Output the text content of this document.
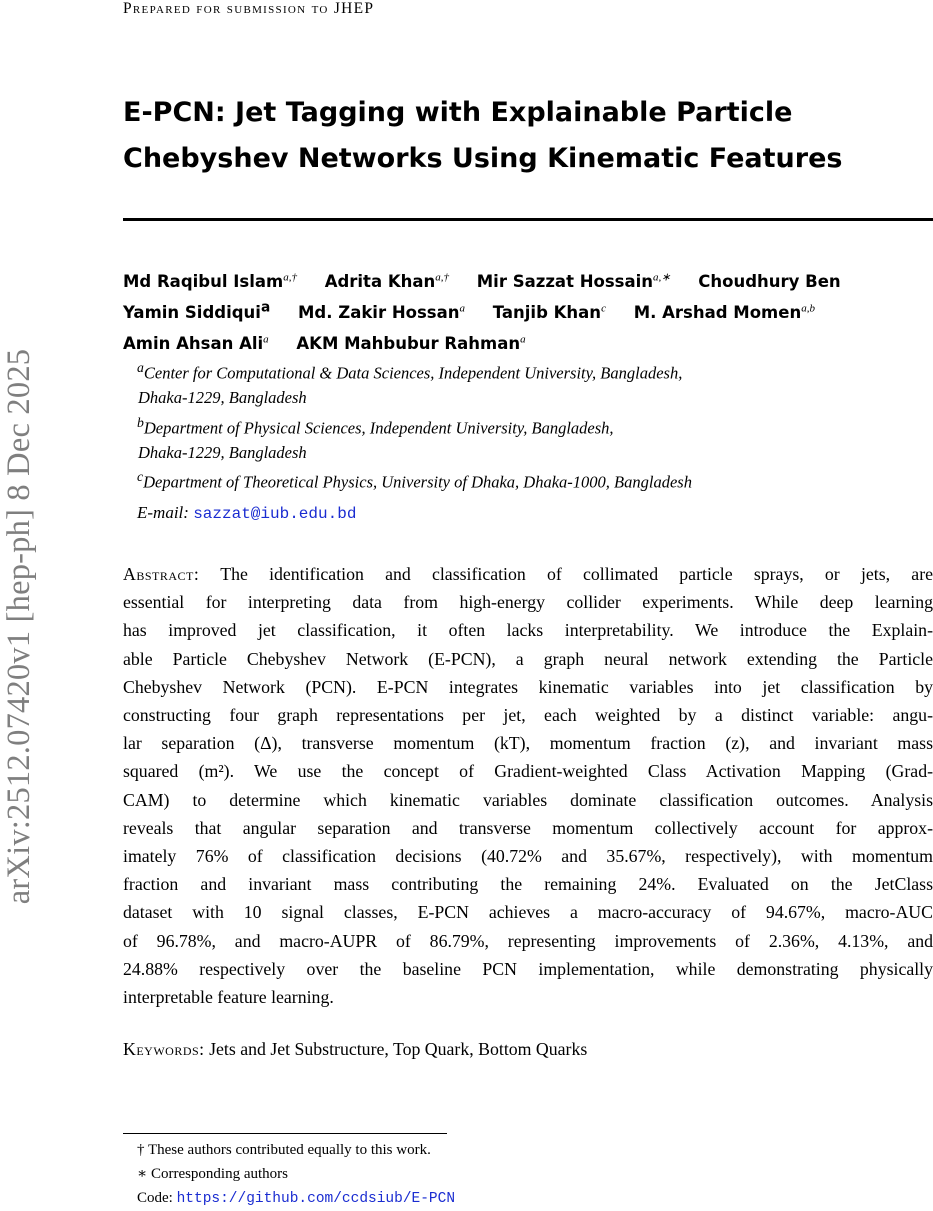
arXiv:2512.07420v1 [hep-ph] 8 Dec 2025
Prepared for submission to JHEP
E-PCN: Jet Tagging with Explainable Particle
Chebyshev Networks Using Kinematic Features
Md Raqibul Islam$^{a,\dagger}$ Adrita Khan$^{a,\dagger}$ Mir Sazzat Hossain$^{a,∗}$ Choudhury Ben Yamin Siddiqui$^a$ Md. Zakir Hossan$^a$ Tanjib Khan$^c$ M. Arshad Momen$^{a,b}$ Amin Ahsan Ali$^a$ AKM Mahbubur Rahman$^a$
$^a$Center for Computational & Data Sciences, Independent University, Bangladesh,
Dhaka-1229, Bangladesh
$^b$Department of Physical Sciences, Independent University, Bangladesh,
Dhaka-1229, Bangladesh
$^c$Department of Theoretical Physics, University of Dhaka, Dhaka-1000, Bangladesh
E-mail: sazzat@iub.edu.bd
Abstract: The identification and classification of collimated particle sprays, or jets, are
essential for interpreting data from high-energy collider experiments. While deep learning
has improved jet classification, it often lacks interpretability. We introduce the Explain-
able Particle Chebyshev Network (E-PCN), a graph neural network extending the Particle
Chebyshev Network (PCN). E-PCN integrates kinematic variables into jet classification by
constructing four graph representations per jet, each weighted by a distinct variable: angu-
lar separation (Δ), transverse momentum (kT), momentum fraction (z), and invariant mass
squared (m²). We use the concept of Gradient-weighted Class Activation Mapping (Grad-
CAM) to determine which kinematic variables dominate classification outcomes. Analysis
reveals that angular separation and transverse momentum collectively account for approx-
imately 76% of classification decisions (40.72% and 35.67%, respectively), with momentum
fraction and invariant mass contributing the remaining 24%. Evaluated on the JetClass
dataset with 10 signal classes, E-PCN achieves a macro-accuracy of 94.67%, macro-AUC
of 96.78%, and macro-AUPR of 86.79%, representing improvements of 2.36%, 4.13%, and
24.88% respectively over the baseline PCN implementation, while demonstrating physically
interpretable feature learning.
Keywords: Jets and Jet Substructure, Top Quark, Bottom Quarks
† These authors contributed equally to this work.
∗ Corresponding authors
Code: https://github.com/ccdsiub/E-PCN
